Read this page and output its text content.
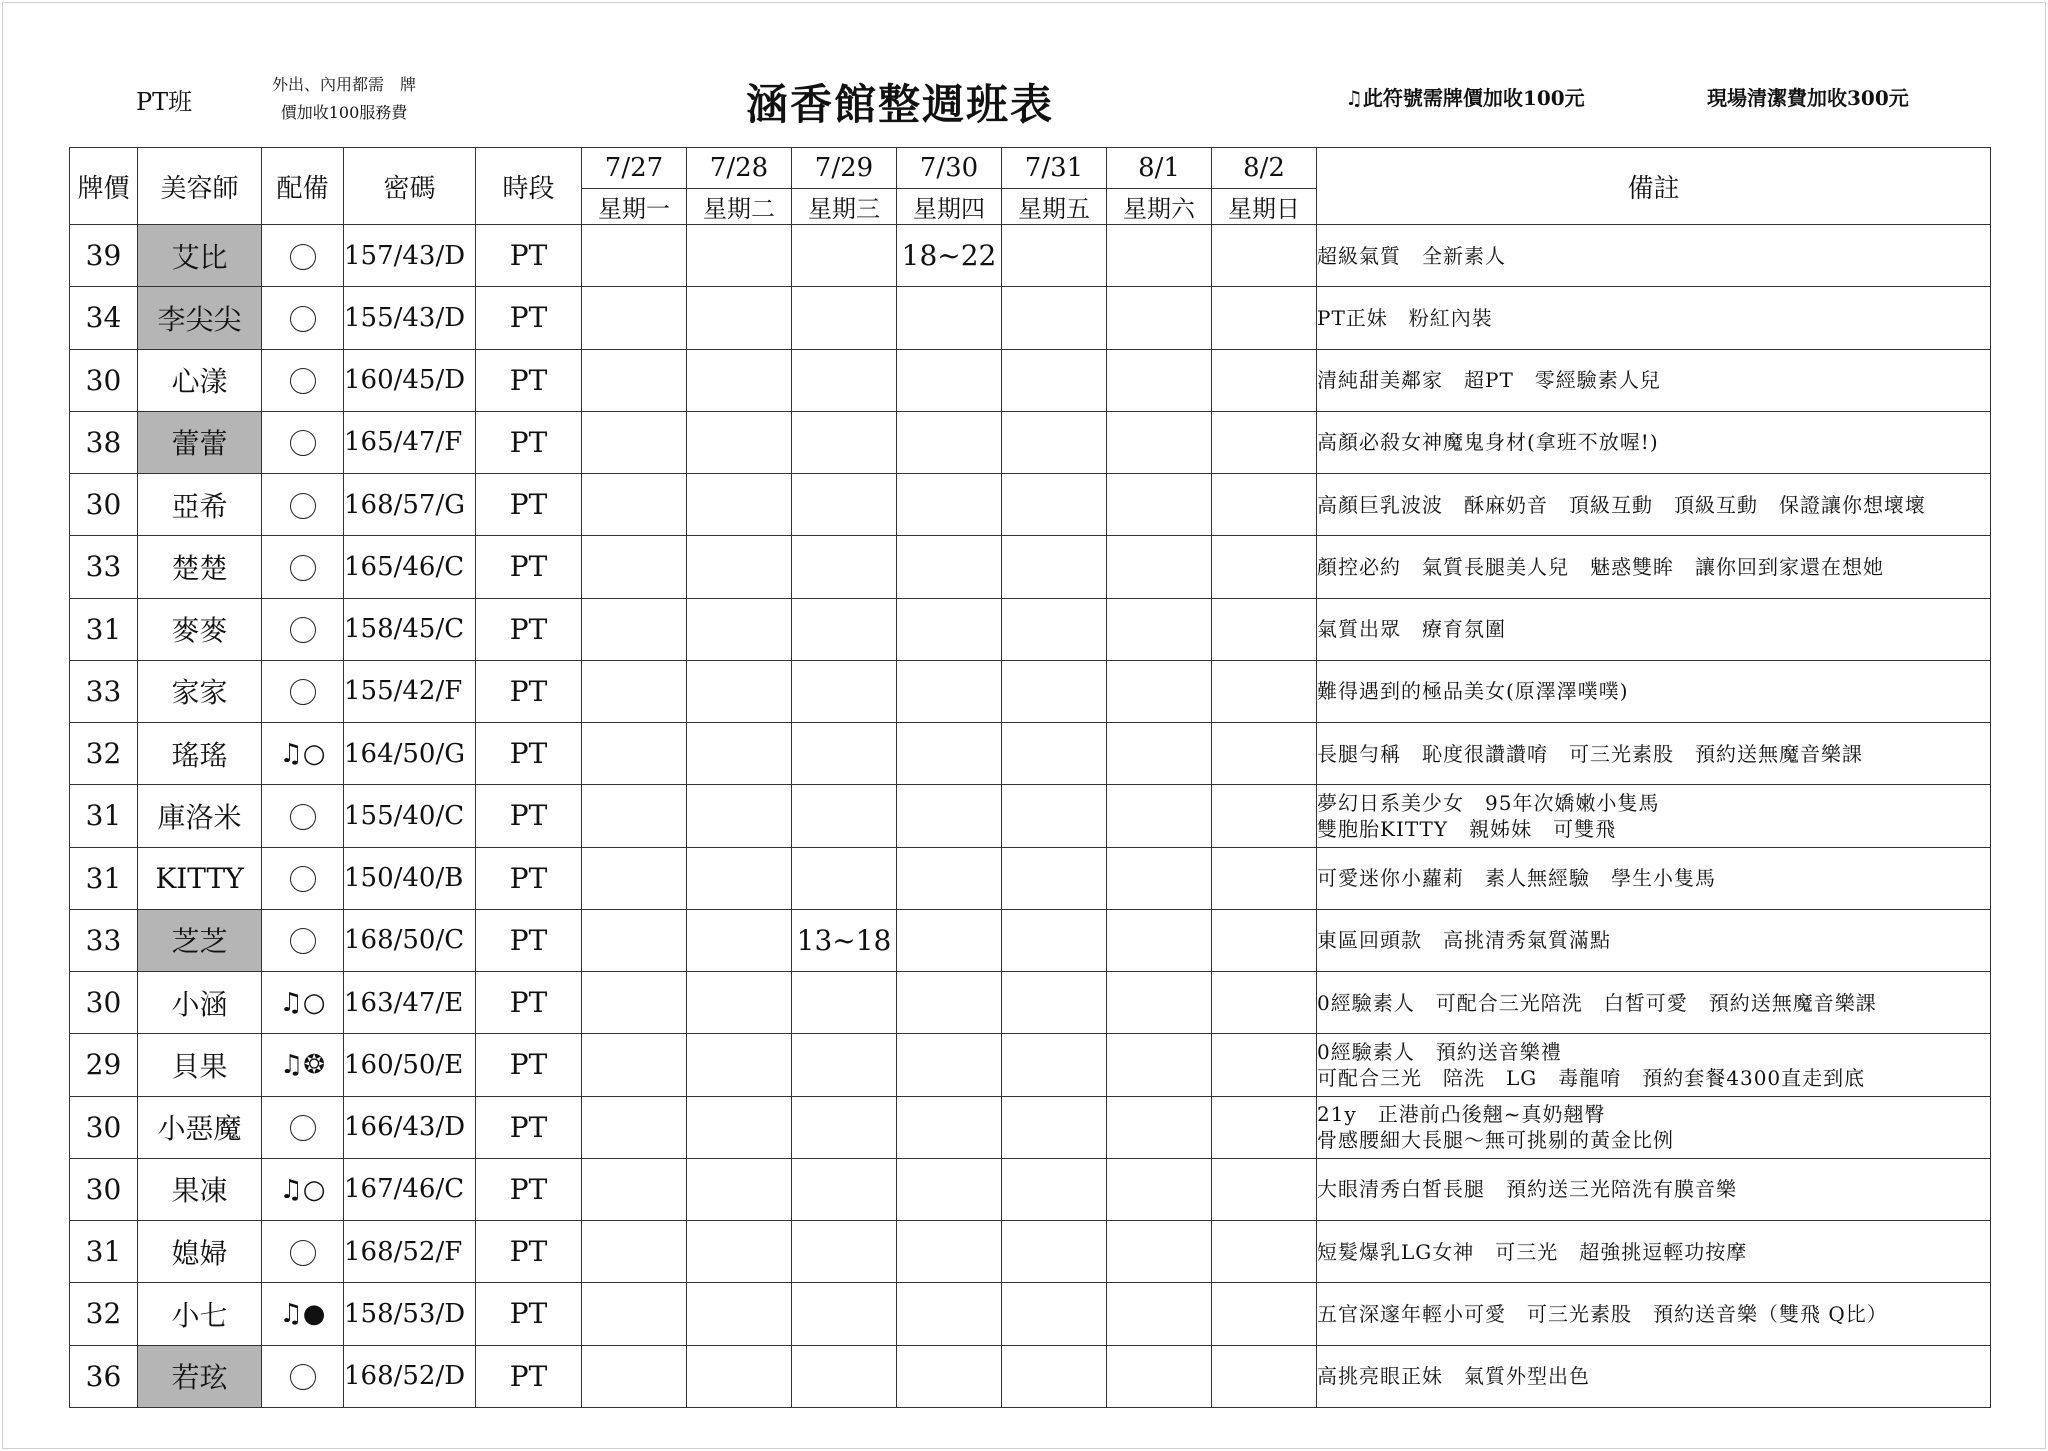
PT班
外出、內用都需　牌
價加收100服務費	涵香館整週班表	♫此符號需牌價加收100元	現場清潔費加收300元
牌價	美容師	配備	密碼	時段	7/27	7/28	7/29	7/30	7/31	8/1	8/2	備註
					星期一	星期二	星期三	星期四	星期五	星期六	星期日	
39	艾比		157/43/D	PT				18~22				超級氣質　全新素人

34	李尖尖		155/43/D	PT								PT正妹　粉紅內裝

30	心漾		160/45/D	PT								清純甜美鄰家　超PT　零經驗素人兒

38	蕾蕾		165/47/F	PT								高顏必殺女神魔鬼身材(拿班不放喔!)

30	亞希		168/57/G	PT								高顏巨乳波波　酥麻奶音　頂級互動　頂級互動　保證讓你想壞壞

33	楚楚		165/46/C	PT								顏控必約　氣質長腿美人兒　魅惑雙眸　讓你回到家還在想她

31	麥麥		158/45/C	PT								氣質出眾　療育氛圍

33	家家		155/42/F	PT								難得遇到的極品美女(原澤澤噗噗)

32	瑤瑤	♫○	164/50/G	PT								長腿勻稱　恥度很讚讚唷　可三光素股　預約送無魔音樂課

31	庫洛米		155/40/C	PT								夢幻日系美少女　95年次嬌嫩小隻馬
雙胞胎KITTY　親姊妹　可雙飛

31	KITTY		150/40/B	PT								可愛迷你小蘿莉　素人無經驗　學生小隻馬

33	芝芝		168/50/C	PT			13~18					東區回頭款　高挑清秀氣質滿點

30	小涵	♫○	163/47/E	PT								0經驗素人　可配合三光陪洗　白皙可愛　預約送無魔音樂課

29	貝果	♫❂	160/50/E	PT								0經驗素人　預約送音樂禮
可配合三光　陪洗　LG　毒龍唷　預約套餐4300直走到底

30	小惡魔		166/43/D	PT								21y　正港前凸後翹~真奶翹臀
骨感腰細大長腿～無可挑剔的黃金比例

30	果凍	♫○	167/46/C	PT								大眼清秀白皙長腿　預約送三光陪洗有膜音樂

31	媳婦		168/52/F	PT								短髮爆乳LG女神　可三光　超強挑逗輕功按摩

32	小七	♫●	158/53/D	PT								五官深邃年輕小可愛　可三光素股　預約送音樂（雙飛 Q比）

36	若玹		168/52/D	PT								高挑亮眼正妹　氣質外型出色
